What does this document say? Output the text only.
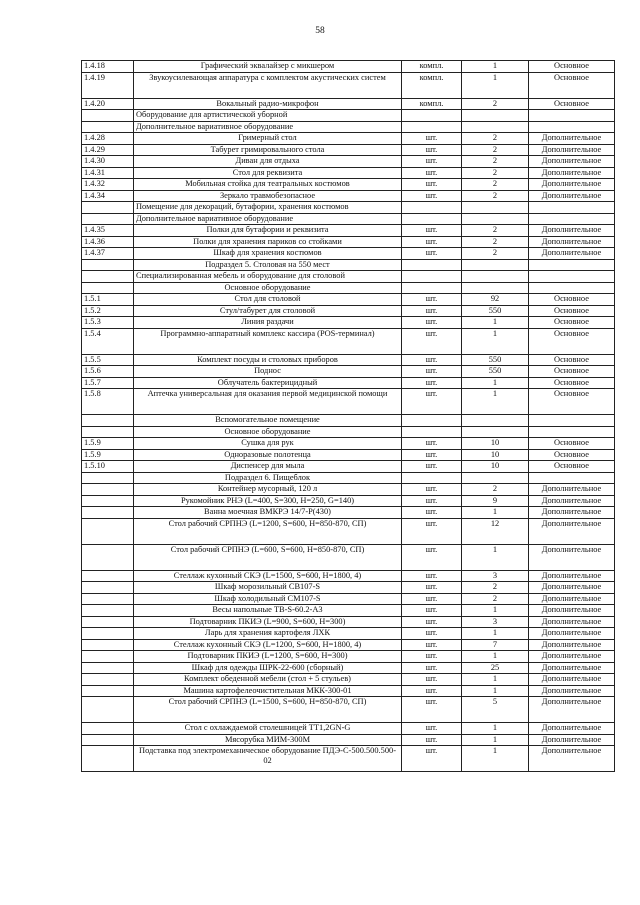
58
1.4.18	Графический эквалайзер с микшером	компл.	1	Основное
1.4.19	Звукоусилевающая аппаратура с комплектом акустических систем	компл.	1	Основное
1.4.20	Вокальный радио-микрофон	компл.	2	Основное
	Оборудование для артистической уборной			
	Дополнительное вариативное оборудование			
1.4.28	Гримерный стол	шт.	2	Дополнительное
1.4.29	Табурет гримировального стола	шт.	2	Дополнительное
1.4.30	Диван для отдыха	шт.	2	Дополнительное
1.4.31	Стол для реквизита	шт.	2	Дополнительное
1.4.32	Мобильная стойка для театральных костюмов	шт.	2	Дополнительное
1.4.34	Зеркало травмобезопасное	шт.	2	Дополнительное
	Помещение для декораций, бутафории, хранения костюмов			
	Дополнительное вариативное оборудование			
1.4.35	Полки для бутафории и реквизита	шт.	2	Дополнительное
1.4.36	Полки для хранения париков со стойками	шт.	2	Дополнительное
1.4.37	Шкаф для хранения костюмов	шт.	2	Дополнительное
	Подраздел 5. Столовая на 550 мест			
	Специализированная мебель и оборудование для столовой			
	Основное оборудование			
1.5.1	Стол для столовой	шт.	92	Основное
1.5.2	Стул/табурет для столовой	шт.	550	Основное
1.5.3	Линия раздачи	шт.	1	Основное
1.5.4	Программно-аппаратный комплекс кассира (POS-терминал)	шт.	1	Основное
1.5.5	Комплект посуды и столовых приборов	шт.	550	Основное
1.5.6	Поднос	шт.	550	Основное
1.5.7	Облучатель бактерицидный	шт.	1	Основное
1.5.8	Аптечка универсальная для оказания первой медицинской помощи	шт.	1	Основное
	Вспомогательное помещение			
	Основное оборудование			
1.5.9	Сушка для рук	шт.	10	Основное
1.5.9	Одноразовые полотенца	шт.	10	Основное
1.5.10	Диспенсер для мыла	шт.	10	Основное
	Подраздел 6. Пищеблок			
	Контейнер мусорный, 120 л	шт.	2	Дополнительное
	Рукомойник РНЭ (L=400, S=300, H=250, G=140)	шт.	9	Дополнительное
	Ванна моечная ВМКРЭ 14/7-Р(430)	шт.	1	Дополнительное
	Стол рабочий СРПНЭ (L=1200, S=600, H=850-870, СП)	шт.	12	Дополнительное
	Стол рабочий СРПНЭ (L=600, S=600, H=850-870, СП)	шт.	1	Дополнительное
	Стеллаж кухонный СКЭ (L=1500, S=600, H=1800, 4)	шт.	3	Дополнительное
	Шкаф морозильный CB107-S	шт.	2	Дополнительное
	Шкаф холодильный CM107-S	шт.	2	Дополнительное
	Весы напольные ТВ-S-60.2-А3	шт.	1	Дополнительное
	Подтоварник ПКИЭ (L=900, S=600, H=300)	шт.	3	Дополнительное
	Ларь для хранения картофеля ЛХК	шт.	1	Дополнительное
	Стеллаж кухонный СКЭ (L=1200, S=600, H=1800, 4)	шт.	7	Дополнительное
	Подтоварник ПКИЭ (L=1200, S=600, H=300)	шт.	1	Дополнительное
	Шкаф для одежды ШРК-22-600 (сборный)	шт.	25	Дополнительное
	Комплект обеденной мебели (стол + 5 стульев)	шт.	1	Дополнительное
	Машина картофелеочистительная МКК-300-01	шт.	1	Дополнительное
	Стол рабочий СРПНЭ (L=1500, S=600, H=850-870, СП)	шт.	5	Дополнительное
	Стол с охлаждаемой столешницей TT1,2GN-G	шт.	1	Дополнительное
	Мясорубка МИМ-300М	шт.	1	Дополнительное
	Подставка под электромеханическое оборудование ПДЭ-С-500.500.500-02	шт.	1	Дополнительное
